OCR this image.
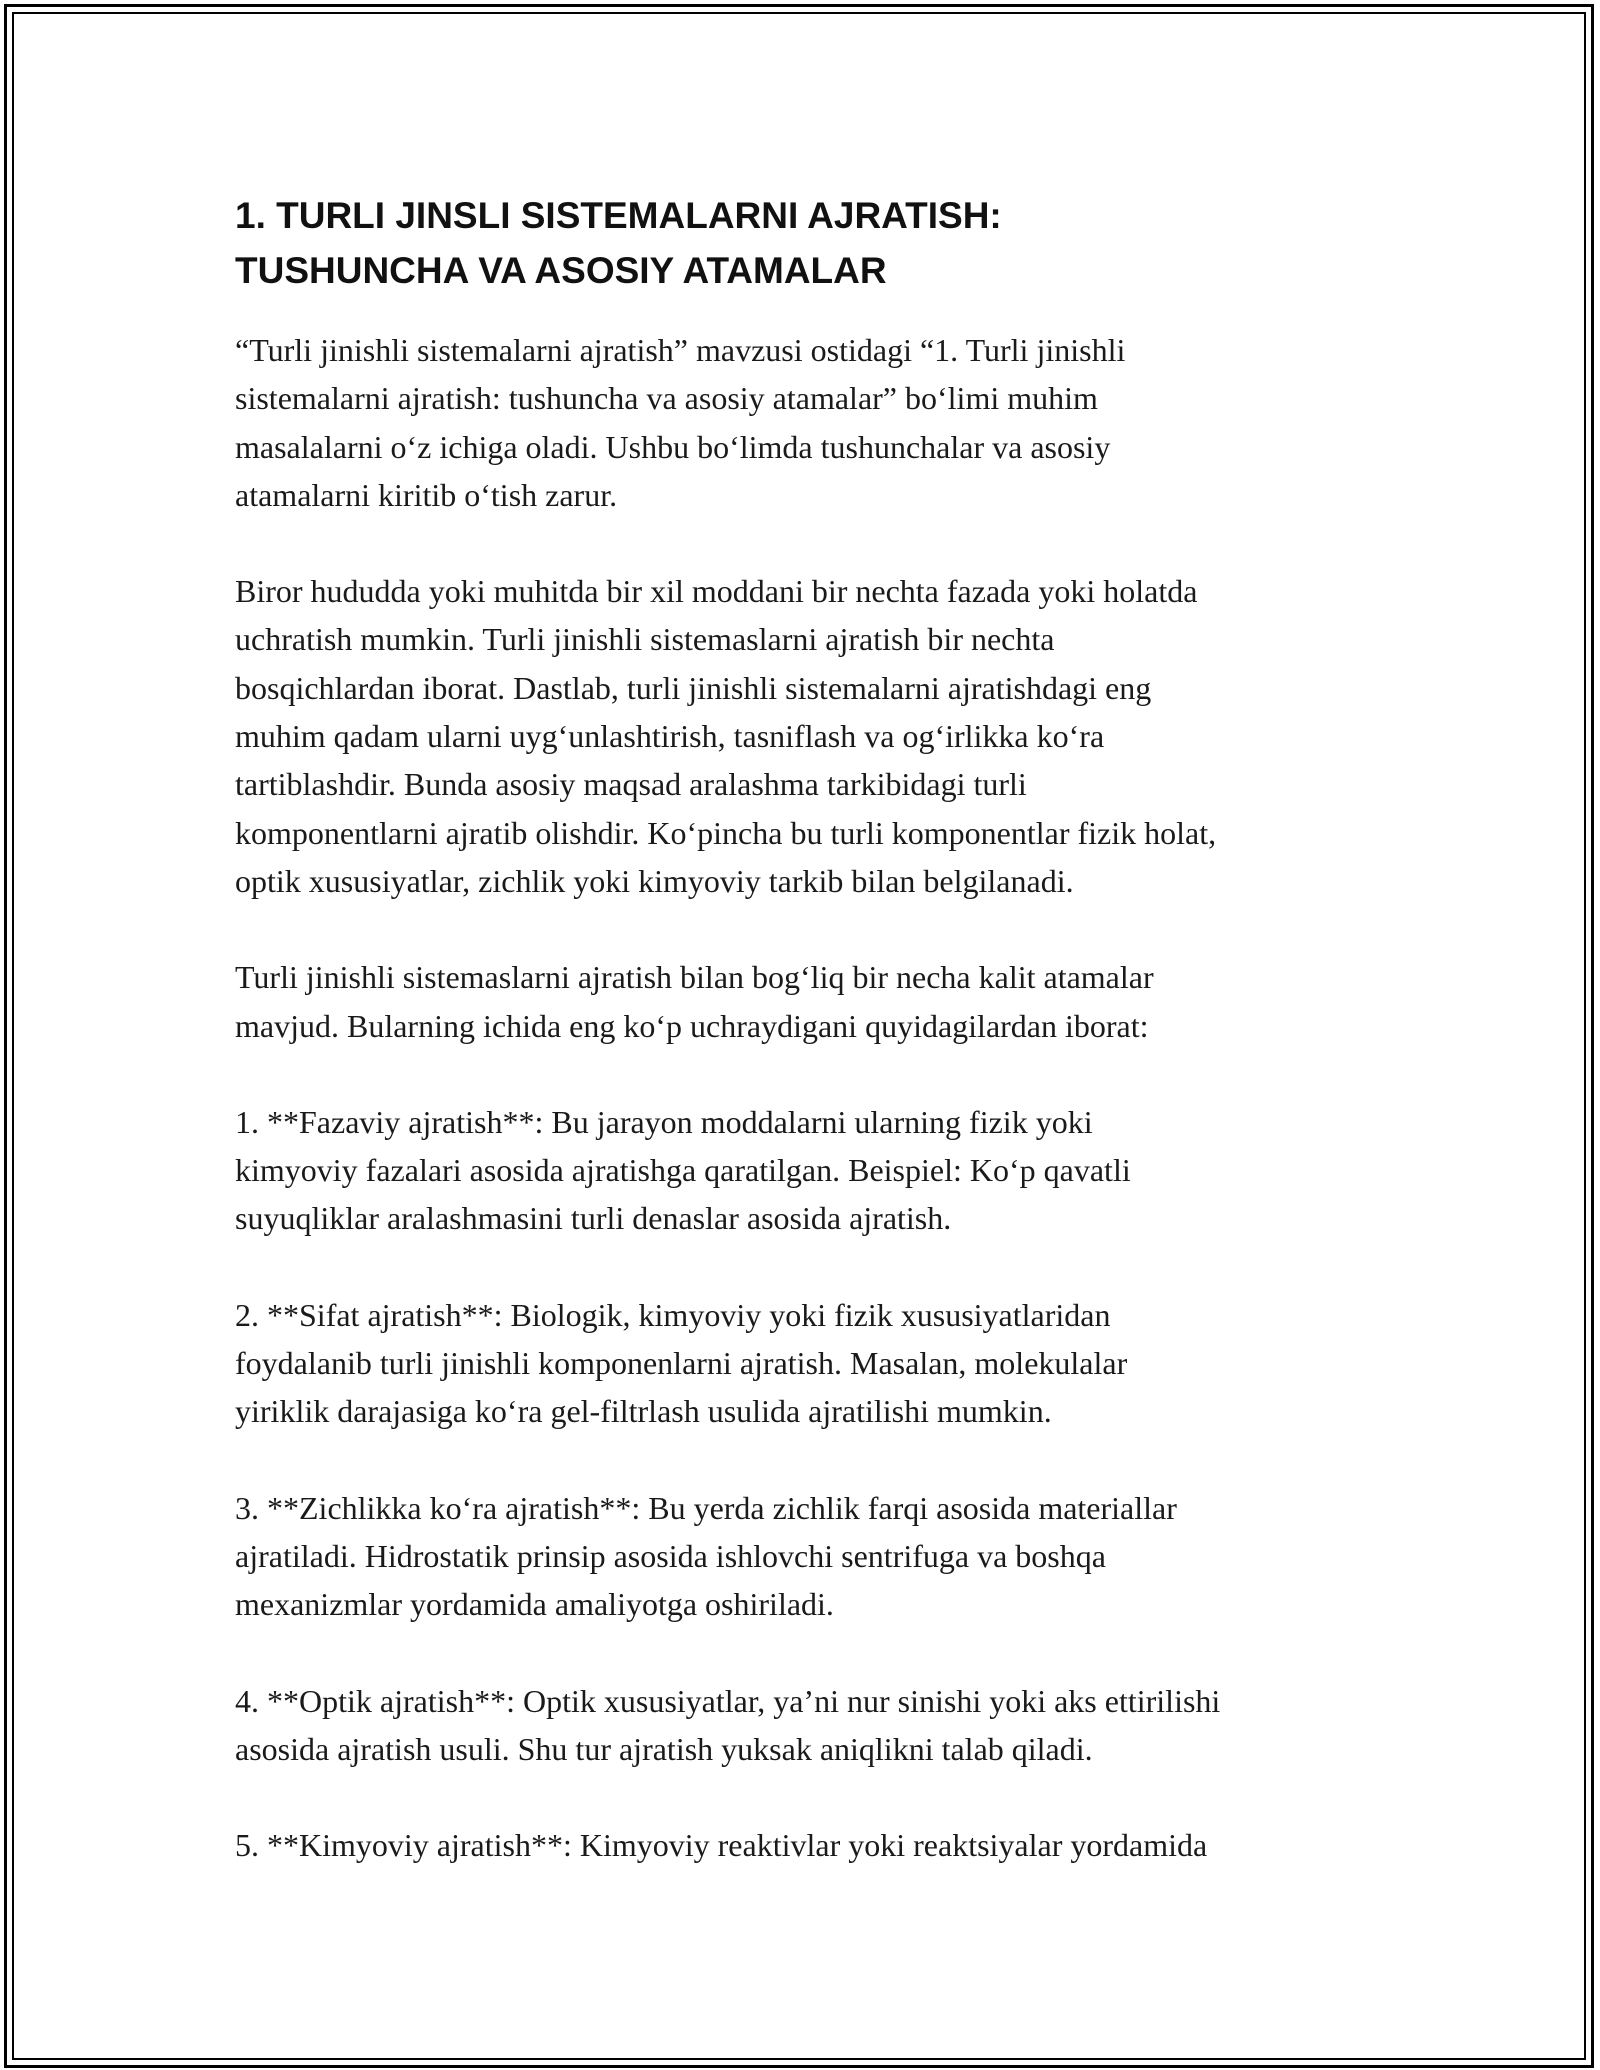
1. TURLI JINSLI SISTEMALARNI AJRATISH:
TUSHUNCHA VA ASOSIY ATAMALAR

“Turli jinishli sistemalarni ajratish” mavzusi ostidagi “1. Turli jinishli
sistemalarni ajratish: tushuncha va asosiy atamalar” bo‘limi muhim
masalalarni o‘z ichiga oladi. Ushbu bo‘limda tushunchalar va asosiy
atamalarni kiritib o‘tish zarur.

Biror hududda yoki muhitda bir xil moddani bir nechta fazada yoki holatda
uchratish mumkin. Turli jinishli sistemaslarni ajratish bir nechta
bosqichlardan iborat. Dastlab, turli jinishli sistemalarni ajratishdagi eng
muhim qadam ularni uyg‘unlashtirish, tasniflash va og‘irlikka ko‘ra
tartiblashdir. Bunda asosiy maqsad aralashma tarkibidagi turli
komponentlarni ajratib olishdir. Ko‘pincha bu turli komponentlar fizik holat,
optik xususiyatlar, zichlik yoki kimyoviy tarkib bilan belgilanadi.

Turli jinishli sistemaslarni ajratish bilan bog‘liq bir necha kalit atamalar
mavjud. Bularning ichida eng ko‘p uchraydigani quyidagilardan iborat:

1. **Fazaviy ajratish**: Bu jarayon moddalarni ularning fizik yoki
kimyoviy fazalari asosida ajratishga qaratilgan. Beispiel: Ko‘p qavatli
suyuqliklar aralashmasini turli denaslar asosida ajratish.

2. **Sifat ajratish**: Biologik, kimyoviy yoki fizik xususiyatlaridan
foydalanib turli jinishli komponenlarni ajratish. Masalan, molekulalar
yiriklik darajasiga ko‘ra gel-filtrlash usulida ajratilishi mumkin.

3. **Zichlikka ko‘ra ajratish**: Bu yerda zichlik farqi asosida materiallar
ajratiladi. Hidrostatik prinsip asosida ishlovchi sentrifuga va boshqa
mexanizmlar yordamida amaliyotga oshiriladi.

4. **Optik ajratish**: Optik xususiyatlar, ya’ni nur sinishi yoki aks ettirilishi
asosida ajratish usuli. Shu tur ajratish yuksak aniqlikni talab qiladi.

5. **Kimyoviy ajratish**: Kimyoviy reaktivlar yoki reaktsiyalar yordamida
